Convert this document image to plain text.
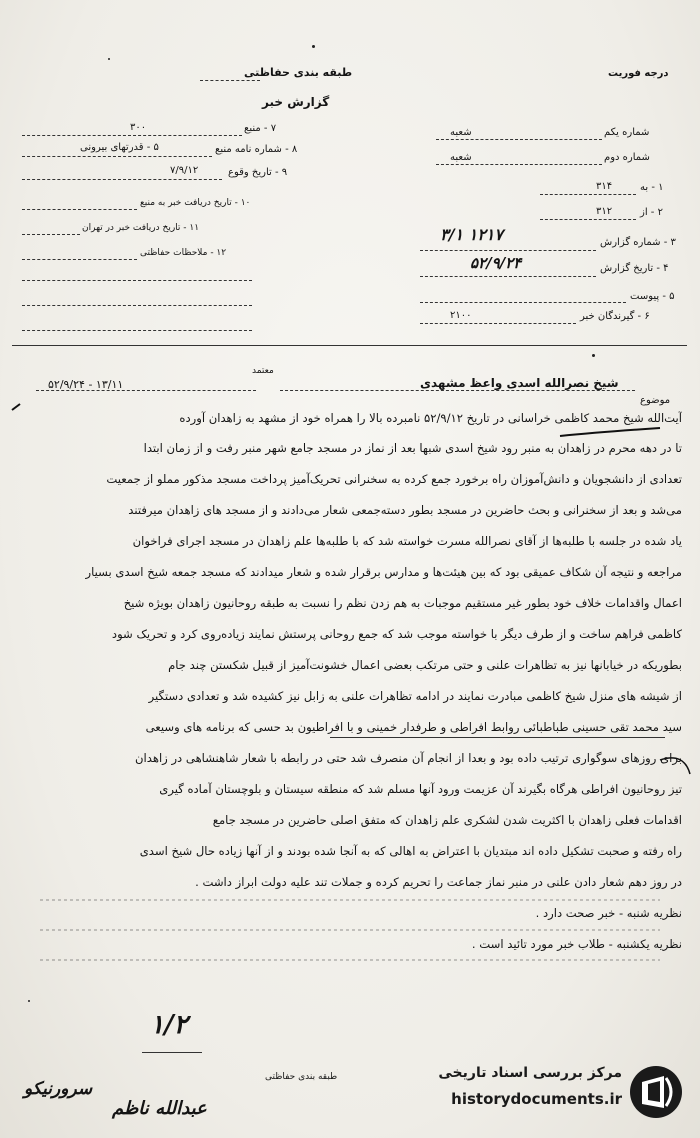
درجه فوریت
طبقه بندی حفاظتی
گزارش خبر
۷ - منبع
۳۰۰
۸ - شماره نامه منبع
۵ - قدرتهای بیرونی
۹ - تاریخ وقوع
۷/۹/۱۲
۱۰ - تاریخ دریافت خبر به منبع
۱۱ - تاریخ دریافت خبر در تهران
۱۲ - ملاحظات حفاظتی
شماره یکم
شعبه
شماره دوم
شعبه
۱ - به
۳۱۴
۲ - از
۳۱۲
۳ - شماره گزارش
۳/۱ ۱۲۱۷
۴ - تاریخ گزارش
۵۲/۹/۲۴
۵ - پیوست
۶ - گیرندگان خبر
۲۱۰۰
موضوع
شیخ نصرالله اسدی واعظ مشهدی
۵۲/۹/۲۴ - ۱۳/۱۱
معتمد
آیت‌الله شیخ محمد کاظمی خراسانی در تاریخ ۵۲/۹/۱۲ نامبرده بالا را همراه خود از مشهد به زاهدان آورده
تا در دهه محرم در زاهدان به منبر رود شیخ اسدی شبها بعد از نماز در مسجد جامع شهر منبر رفت و از زمان ابتدا
تعدادی از دانشجویان و دانش‌آموزان راه برخورد جمع کرده به سخنرانی تحریک‌آمیز پرداخت مسجد مذکور مملو از جمعیت
می‌شد و بعد از سخنرانی و بحث حاضرین در مسجد بطور دسته‌جمعی شعار می‌دادند و از مسجد های زاهدان میرفتند
یاد شده در جلسه با طلبه‌ها از آقای نصرالله مسرت خواسته شد که با طلبه‌ها علم زاهدان در مسجد اجرای فراخوان
مراجعه و نتیجه آن شکاف عمیقی بود که بین هیئت‌ها و مدارس برقرار شده و شعار میدادند که مسجد جمعه شیخ اسدی بسیار
اعمال واقدامات خلاف خود بطور غیر مستقیم موجبات به هم زدن نظم را نسبت به طبقه روحانیون زاهدان بویژه شیخ
کاظمی فراهم ساخت و از طرف دیگر با خواسته موجب شد که جمع روحانی پرستش نمایند زیاده‌روی کرد و تحریک شود
بطوریکه در خیابانها نیز به تظاهرات علنی و حتی مرتکب بعضی اعمال خشونت‌آمیز از قبیل شکستن چند جام
از شیشه های منزل شیخ کاظمی مبادرت نمایند در ادامه تظاهرات علنی به زابل نیز کشیده شد و تعدادی دستگیر
سید محمد تقی حسینی طباطبائی روابط افراطی و طرفدار خمینی و با افراطیون بد حسی که برنامه های وسیعی
برای روزهای سوگواری ترتیب داده بود و بعدا از انجام آن منصرف شد حتی در رابطه با شعار شاهنشاهی در زاهدان
تیز روحانیون افراطی هرگاه بگیرند آن عزیمت ورود آنها مسلم شد که منطقه سیستان و بلوچستان آماده گیری
اقدامات فعلی زاهدان با اکثریت شدن لشکری علم زاهدان که متفق اصلی حاضرین در مسجد جامع
راه رفته و صحبت تشکیل داده اند مبتدیان با اعتراض به اهالی که به آنجا شده بودند و از آنها زیاده حال شیخ اسدی
در روز دهم شعار دادن علنی در منبر نماز جماعت را تحریم کرده و جملات تند علیه دولت ابراز داشت .
نظریه شنبه - خبر صحت دارد .
نظریه یکشنبه - طلاب خبر مورد تائید است .
۱/۲
طبقه بندی حفاظتی
عبدالله ناظم
سرورنیکو
مرکز بررسی اسناد تاریخی
historydocuments.ir
